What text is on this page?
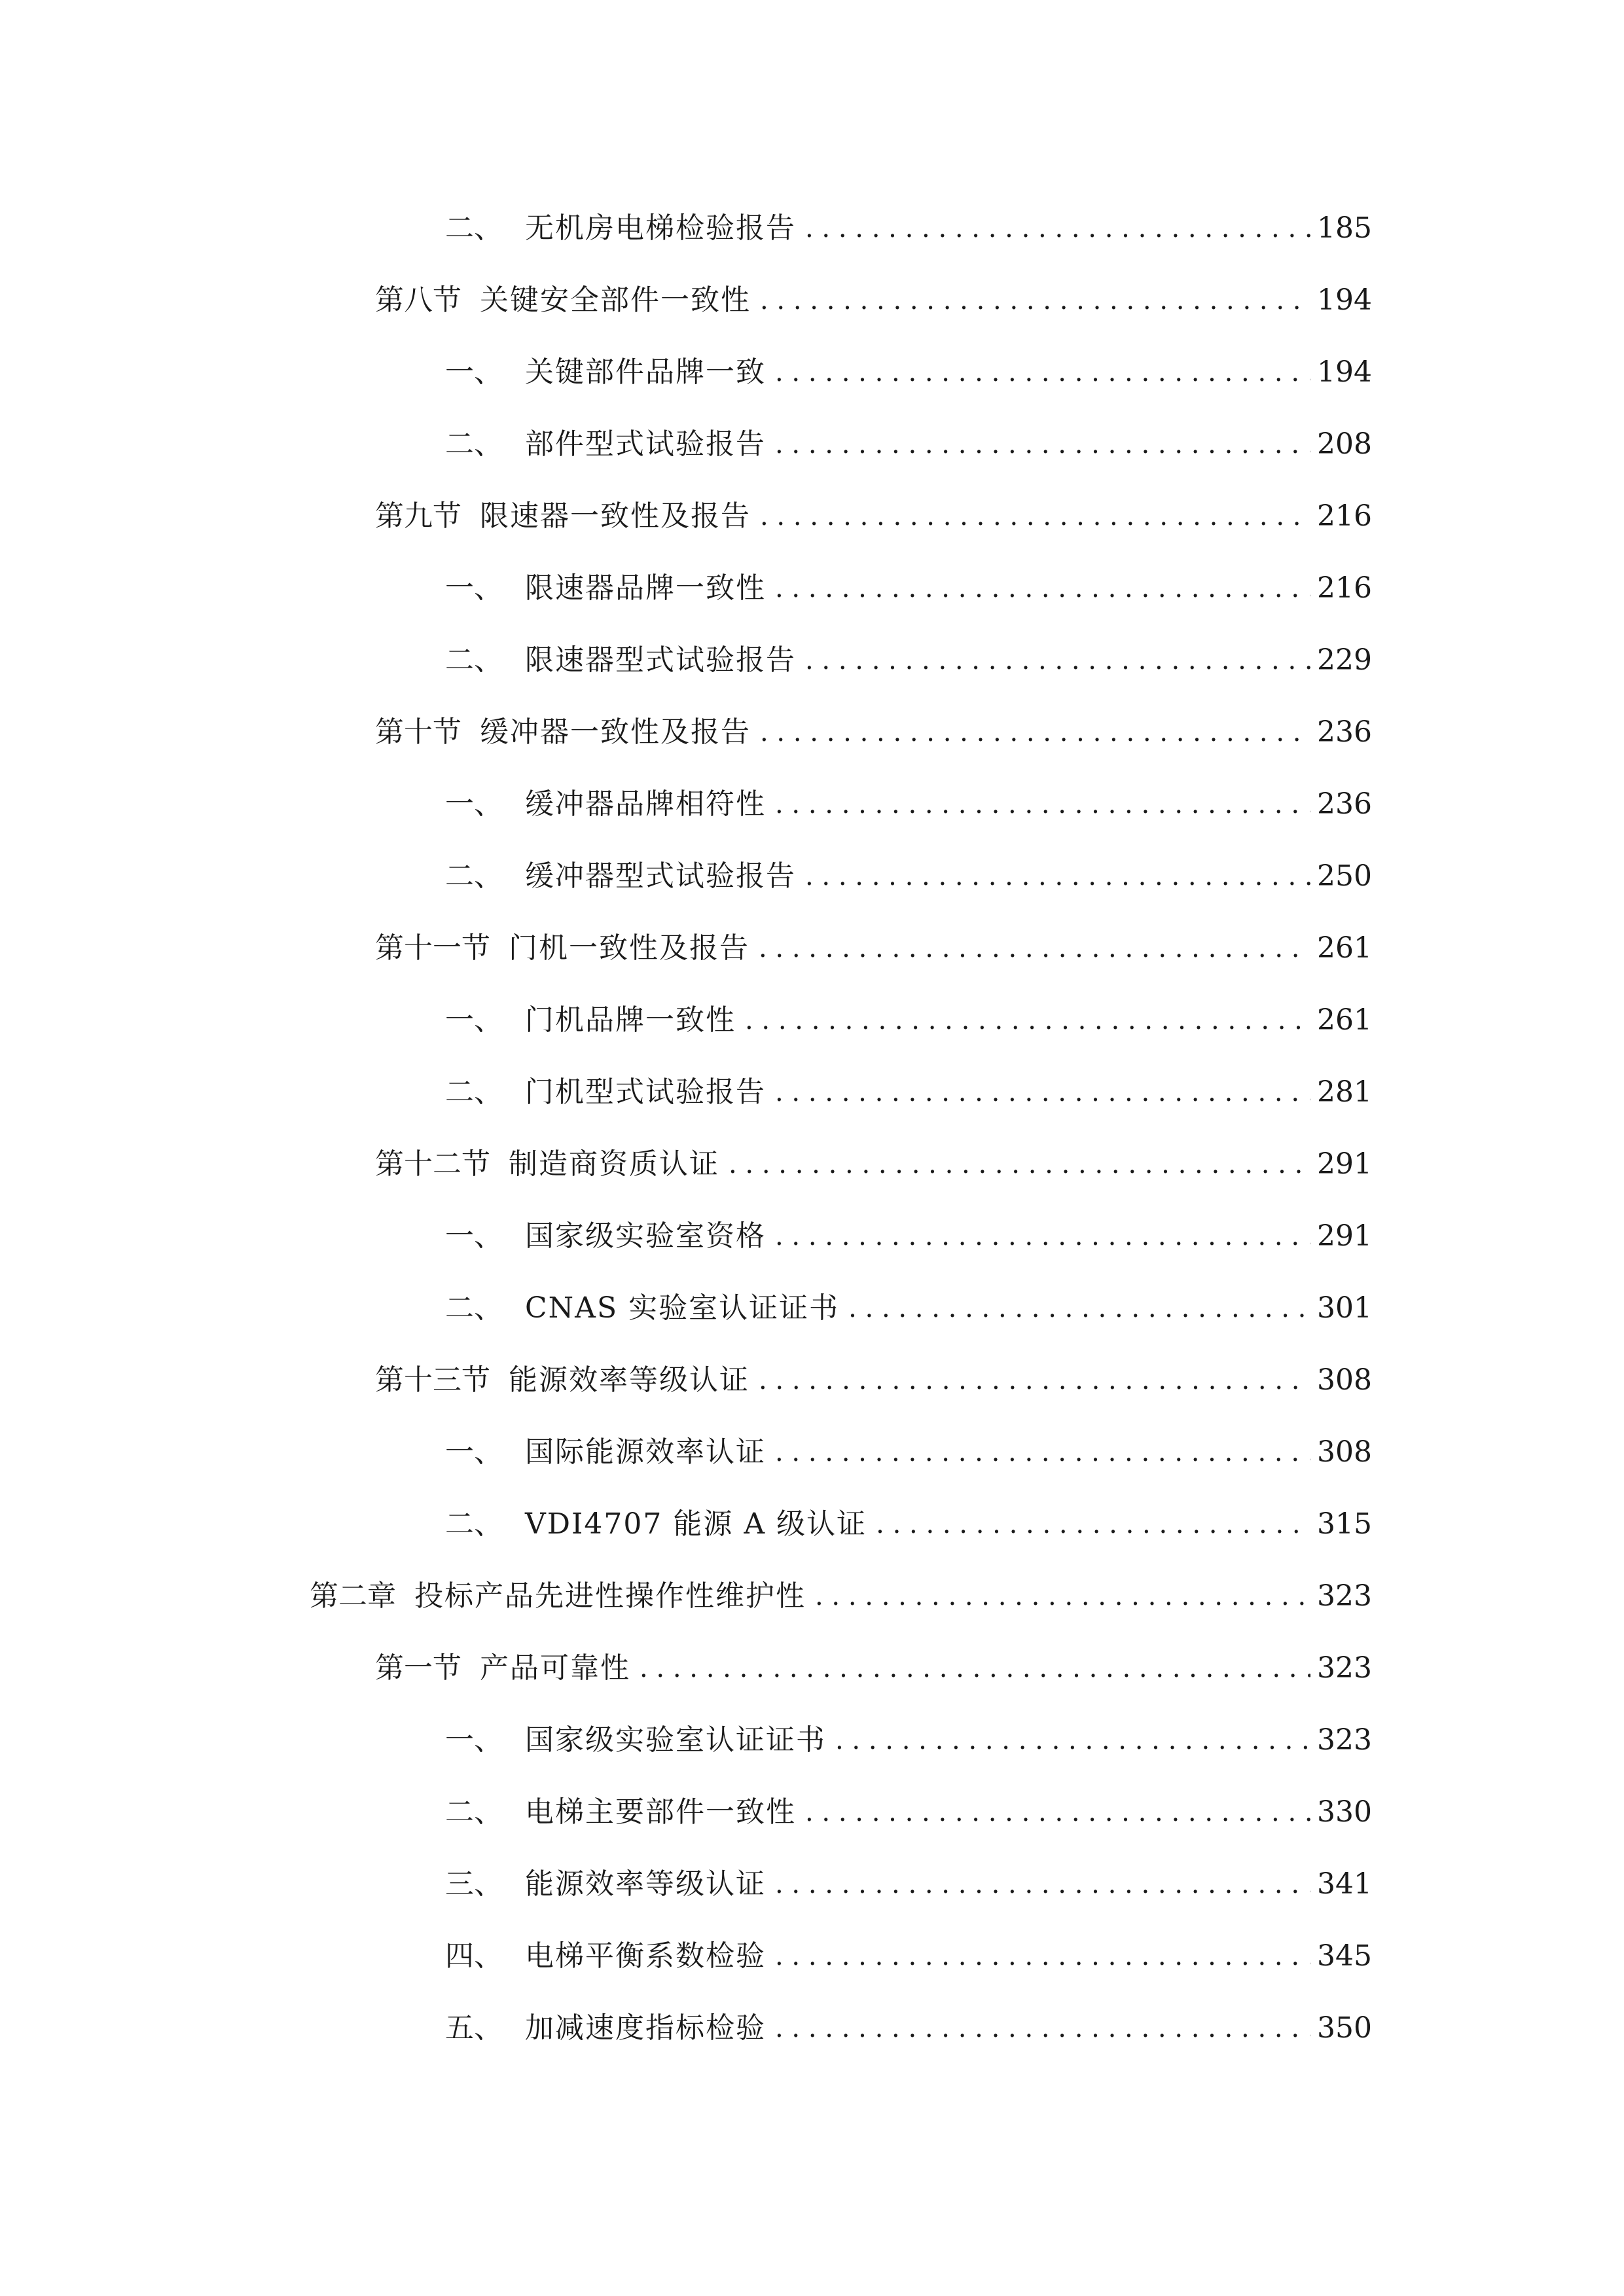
二、 无机房电梯检验报告 . . .	185
第八节 关键安全部件一致性 . . .	194
一、 关键部件品牌一致 . . .	194
二、 部件型式试验报告 . . .	208
第九节 限速器一致性及报告 . . .	216
一、 限速器品牌一致性 . . .	216
二、 限速器型式试验报告 . . .	229
第十节 缓冲器一致性及报告 . . .	236
一、 缓冲器品牌相符性 . . .	236
二、 缓冲器型式试验报告 . . .	250
第十一节 门机一致性及报告 . . .	261
一、 门机品牌一致性 . . .	261
二、 门机型式试验报告 . . .	281
第十二节 制造商资质认证 . . .	291
一、 国家级实验室资格 . . .	291
二、 CNAS 实验室认证证书 . . .	301
第十三节 能源效率等级认证 . . .	308
一、 国际能源效率认证 . . .	308
二、 VDI4707 能源 A 级认证 . . .	315
第二章 投标产品先进性操作性维护性 . . .	323
第一节 产品可靠性 . . .	323
一、 国家级实验室认证证书 . . .	323
二、 电梯主要部件一致性 . . .	330
三、 能源效率等级认证 . . .	341
四、 电梯平衡系数检验 . . .	345
五、 加减速度指标检验 . . .	350
